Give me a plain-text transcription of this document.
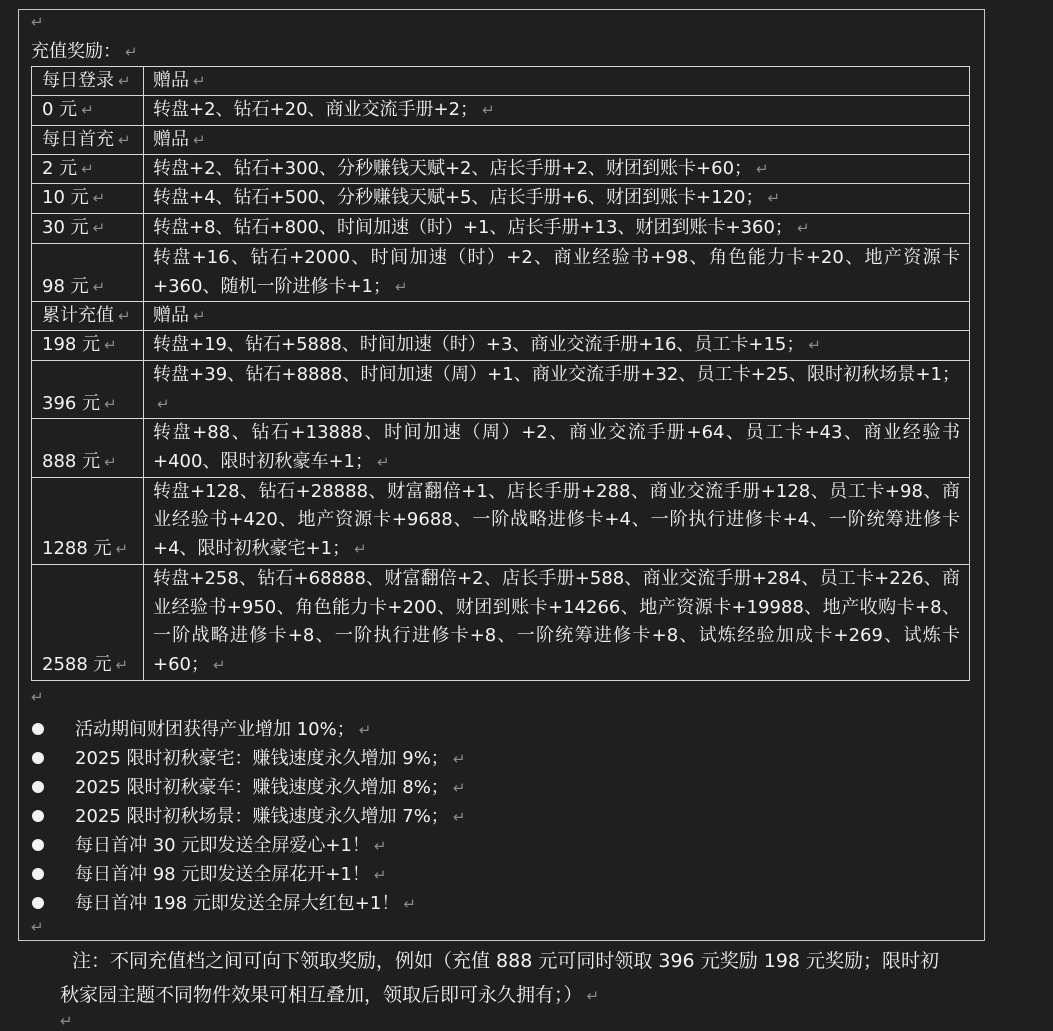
↵

充值奖励： ↵

每日登录 ↵	赠品 ↵
0 元 ↵	转盘+2、钻石+20、商业交流手册+2； ↵
每日首充 ↵	赠品 ↵
2 元 ↵	转盘+2、钻石+300、分秒赚钱天赋+2、店长手册+2、财团到账卡+60； ↵
10 元 ↵	转盘+4、钻石+500、分秒赚钱天赋+5、店长手册+6、财团到账卡+120； ↵
30 元 ↵	转盘+8、钻石+800、时间加速（时）+1、店长手册+13、财团到账卡+360； ↵
98 元 ↵	转盘+16、钻石+2000、时间加速（时）+2、商业经验书+98、角色能力卡+20、地产资源卡+360、随机一阶进修卡+1； ↵
累计充值 ↵	赠品 ↵
198 元 ↵	转盘+19、钻石+5888、时间加速（时）+3、商业交流手册+16、员工卡+15； ↵
396 元 ↵	转盘+39、钻石+8888、时间加速（周）+1、商业交流手册+32、员工卡+25、限时初秋场景+1；↵
888 元 ↵	转盘+88、钻石+13888、时间加速（周）+2、商业交流手册+64、员工卡+43、商业经验书+400、限时初秋豪车+1； ↵
1288 元 ↵	转盘+128、钻石+28888、财富翻倍+1、店长手册+288、商业交流手册+128、员工卡+98、商业经验书+420、地产资源卡+9688、一阶战略进修卡+4、一阶执行进修卡+4、一阶统筹进修卡+4、限时初秋豪宅+1； ↵
2588 元 ↵	转盘+258、钻石+68888、财富翻倍+2、店长手册+588、商业交流手册+284、员工卡+226、商业经验书+950、角色能力卡+200、财团到账卡+14266、地产资源卡+19988、地产收购卡+8、一阶战略进修卡+8、一阶执行进修卡+8、一阶统筹进修卡+8、试炼经验加成卡+269、试炼卡+60； ↵
↵
活动期间财团获得产业增加 10%； ↵
2025 限时初秋豪宅：赚钱速度永久增加 9%； ↵
2025 限时初秋豪车：赚钱速度永久增加 8%； ↵
2025 限时初秋场景：赚钱速度永久增加 7%； ↵
每日首冲 30 元即发送全屏爱心+1！ ↵
每日首冲 98 元即发送全屏花开+1！ ↵
每日首冲 198 元即发送全屏大红包+1！ ↵
↵

注：不同充值档之间可向下领取奖励，例如（充值 888 元可同时领取 396 元奖励 198 元奖励；限时初秋家园主题不同物件效果可相互叠加，领取后即可永久拥有；） ↵

↵
